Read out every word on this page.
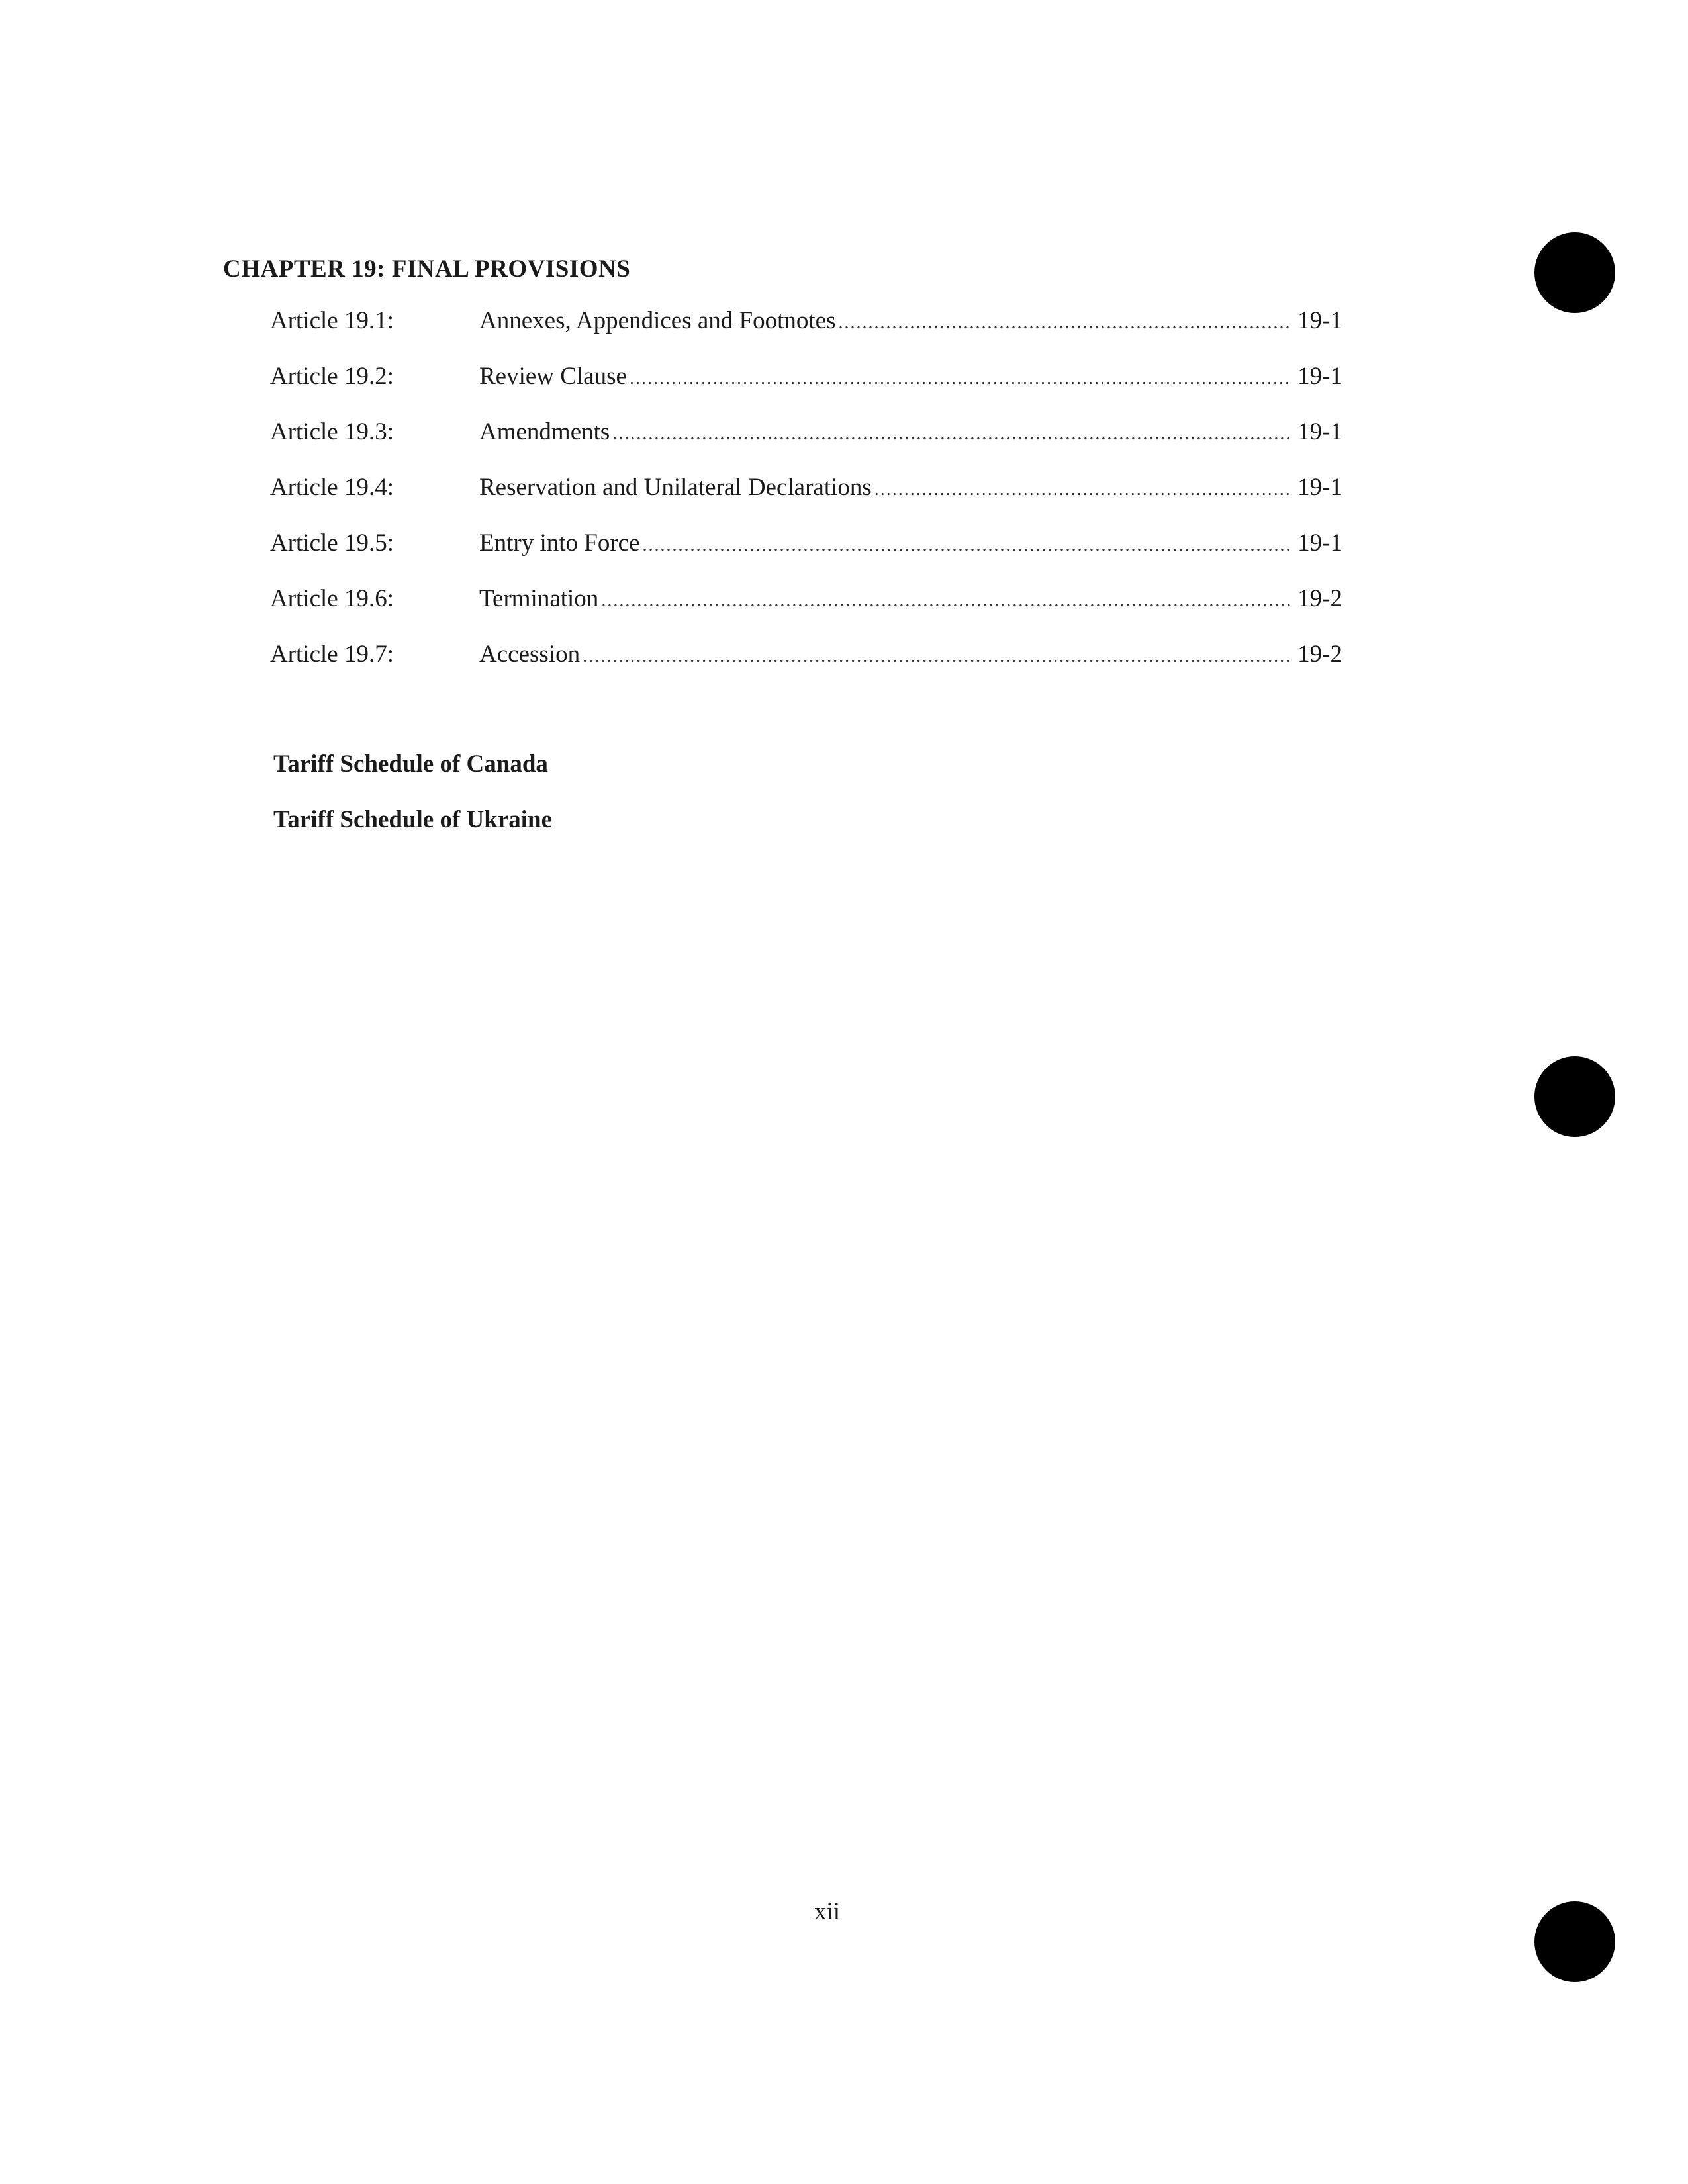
CHAPTER 19: FINAL PROVISIONS
Article 19.1:	Annexes, Appendices and Footnotes .....	19-1
Article 19.2:	Review Clause .....	19-1
Article 19.3:	Amendments .....	19-1
Article 19.4:	Reservation and Unilateral Declarations .....	19-1
Article 19.5:	Entry into Force .....	19-1
Article 19.6:	Termination .....	19-2
Article 19.7:	Accession .....	19-2
Tariff Schedule of Canada
Tariff Schedule of Ukraine
xii
